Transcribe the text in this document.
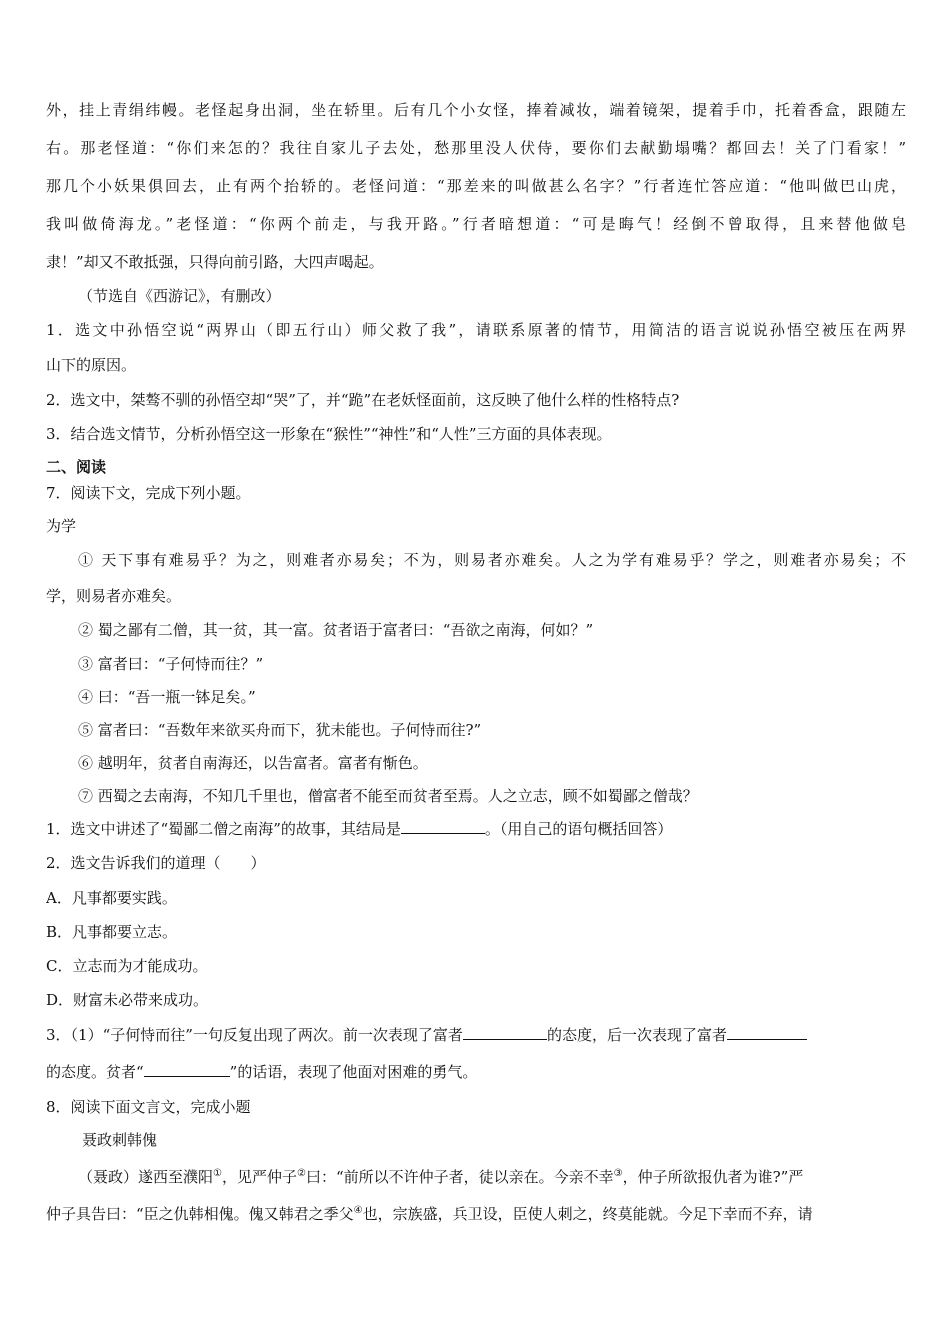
外，挂上青绢纬幔。老怪起身出洞，坐在轿里。后有几个小女怪，捧着减妆，端着镜架，提着手巾，托着香盒，跟随左
右。那老怪道：“你们来怎的？我往自家儿子去处，愁那里没人伏侍，要你们去献勤塌嘴？都回去！关了门看家！”
那几个小妖果俱回去，止有两个抬轿的。老怪问道：“那差来的叫做甚么名字？”行者连忙答应道：“他叫做巴山虎，
我叫做倚海龙。”老怪道：“你两个前走，与我开路。”行者暗想道：“可是晦气！经倒不曾取得，且来替他做皂
隶！”却又不敢抵强，只得向前引路，大四声喝起。
（节选自《西游记》，有删改）
1．选文中孙悟空说“两界山（即五行山）师父救了我”，请联系原著的情节，用简洁的语言说说孙悟空被压在两界
山下的原因。
2．选文中，桀骜不驯的孙悟空却“哭”了，并“跪”在老妖怪面前，这反映了他什么样的性格特点?
3．结合选文情节，分析孙悟空这一形象在“猴性”“神性”和“人性”三方面的具体表现。
二、阅读
7．阅读下文，完成下列小题。
为学
① 天下事有难易乎？为之，则难者亦易矣；不为，则易者亦难矣。人之为学有难易乎？学之，则难者亦易矣；不
学，则易者亦难矣。
② 蜀之鄙有二僧，其一贫，其一富。贫者语于富者曰：“吾欲之南海，何如？”
③ 富者曰：“子何恃而往？”
④ 曰：“吾一瓶一钵足矣。”
⑤ 富者曰：“吾数年来欲买舟而下，犹未能也。子何恃而往?”
⑥ 越明年，贫者自南海还，以告富者。富者有惭色。
⑦ 西蜀之去南海，不知几千里也，僧富者不能至而贫者至焉。人之立志，顾不如蜀鄙之僧哉？
1．选文中讲述了“蜀鄙二僧之南海”的故事，其结局是	。（用自己的语句概括回答）
2．选文告诉我们的道理（　　）
A．凡事都要实践。
B．凡事都要立志。
C．立志而为才能成功。
D．财富未必带来成功。
3．（1）“子何恃而往”一句反复出现了两次。前一次表现了富者	的态度，后一次表现了富者
的态度。贫者“	”的话语，表现了他面对困难的勇气。
8．阅读下面文言文，完成小题
聂政刺韩傀
（聂政）遂西至濮阳①，见严仲子②曰：“前所以不许仲子者，徒以亲在。今亲不幸③，仲子所欲报仇者为谁?”严
仲子具告曰：“臣之仇韩相傀。傀又韩君之季父④也，宗族盛，兵卫设，臣使人刺之，终莫能就。今足下幸而不弃，请
